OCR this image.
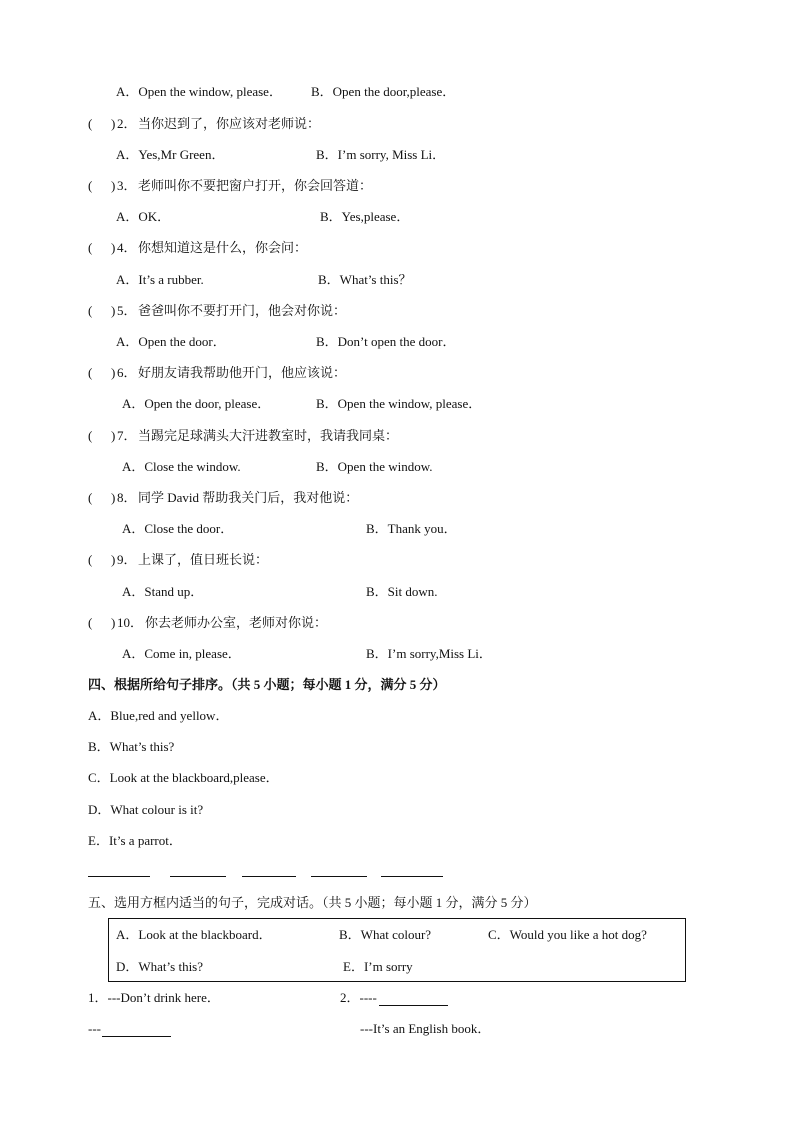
A．Open the window, please． B．Open the door,please．
( ) 2． 当你迟到了，你应该对老师说：
A．Yes,Mr Green．	B．I’m sorry, Miss Li．
( ) 3． 老师叫你不要把窗户打开，你会回答道：
A．OK．	B．Yes,please．
( ) 4． 你想知道这是什么，你会问：
A．It’s a rubber.	B．What’s this？
( ) 5． 爸爸叫你不要打开门，他会对你说：
A．Open the door．	B．Don’t open the door．
( ) 6． 好朋友请我帮助他开门，他应该说：
A．Open the door, please．	B．Open the window, please．
( ) 7． 当踢完足球满头大汗进教室时，我请我同桌：
A．Close the window.	B．Open the window.
( ) 8． 同学 David 帮助我关门后，我对他说：
A．Close the door．	B．Thank you．
( ) 9． 上课了，值日班长说：
A．Stand up．	B．Sit down.
( ) 10． 你去老师办公室，老师对你说：
A．Come in, please．	B．I’m sorry,Miss Li．
四、根据所给句子排序。（共 5 小题；每小题 1 分，满分 5 分）
A．Blue,red and yellow．
B．What’s this?
C．Look at the blackboard,please．
D．What colour is it?
E．It’s a parrot．
五、选用方框内适当的句子，完成对话。（共 5 小题；每小题 1 分，满分 5 分）
A．Look at the blackboard．	B．What colour?	C．Would you like a hot dog?
D．What’s this?	E．I’m sorry
1．---Don’t drink here．	2．----
---	---It’s an English book．
